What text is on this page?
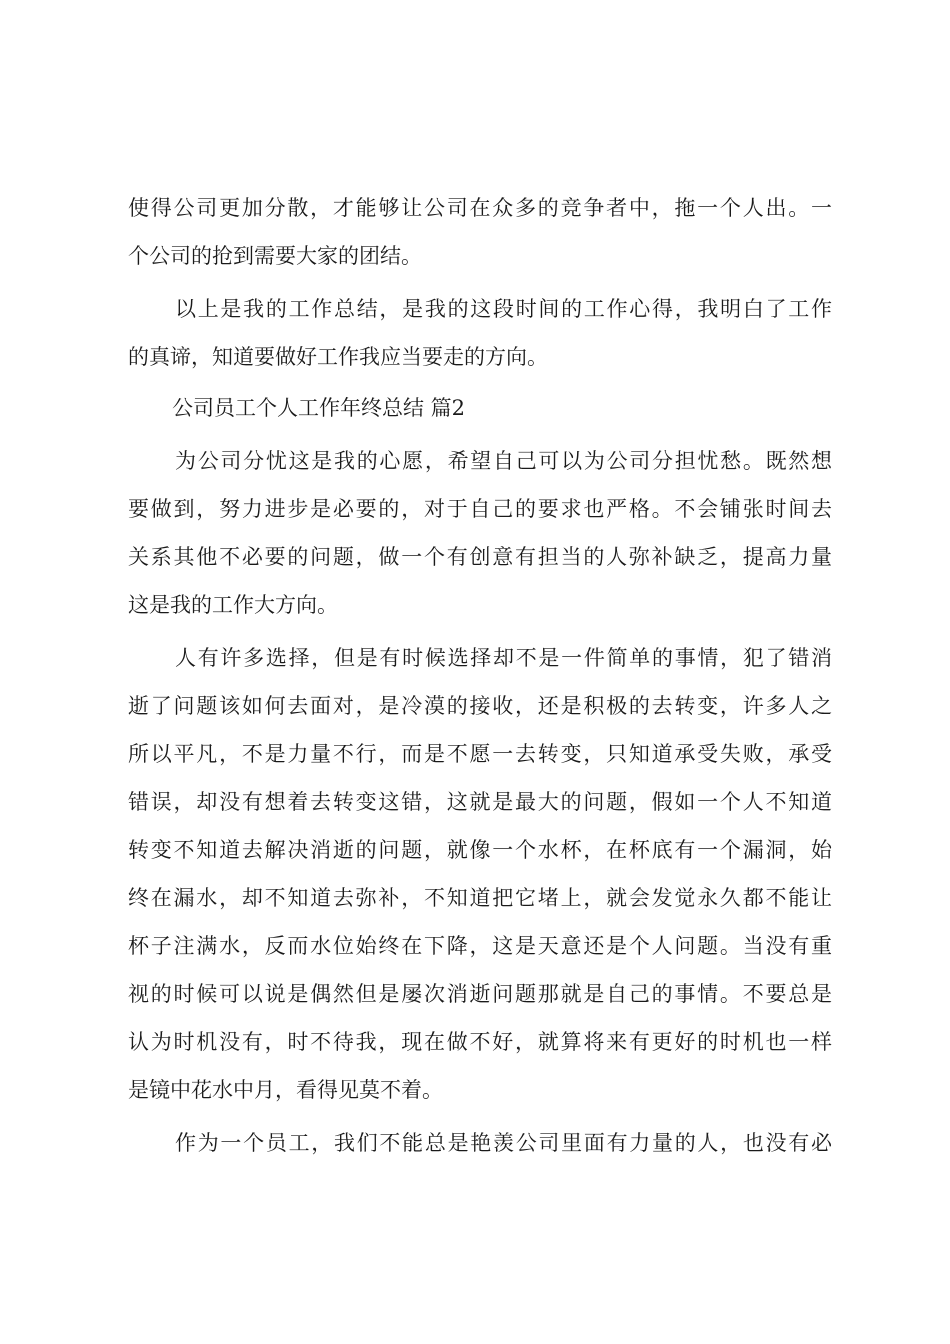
使得公司更加分散，才能够让公司在众多的竞争者中，拖一个人出。一
个公司的抢到需要大家的团结。
以上是我的工作总结，是我的这段时间的工作心得，我明白了工作
的真谛，知道要做好工作我应当要走的方向。
公司员工个人工作年终总结 篇2
为公司分忧这是我的心愿，希望自己可以为公司分担忧愁。既然想
要做到，努力进步是必要的，对于自己的要求也严格。不会铺张时间去
关系其他不必要的问题，做一个有创意有担当的人弥补缺乏，提高力量
这是我的工作大方向。
人有许多选择，但是有时候选择却不是一件简单的事情，犯了错消
逝了问题该如何去面对，是冷漠的接收，还是积极的去转变，许多人之
所以平凡，不是力量不行，而是不愿一去转变，只知道承受失败，承受
错误，却没有想着去转变这错，这就是最大的问题，假如一个人不知道
转变不知道去解决消逝的问题，就像一个水杯，在杯底有一个漏洞，始
终在漏水，却不知道去弥补，不知道把它堵上，就会发觉永久都不能让
杯子注满水，反而水位始终在下降，这是天意还是个人问题。当没有重
视的时候可以说是偶然但是屡次消逝问题那就是自己的事情。不要总是
认为时机没有，时不待我，现在做不好，就算将来有更好的时机也一样
是镜中花水中月，看得见莫不着。
作为一个员工，我们不能总是艳羡公司里面有力量的人，也没有必
